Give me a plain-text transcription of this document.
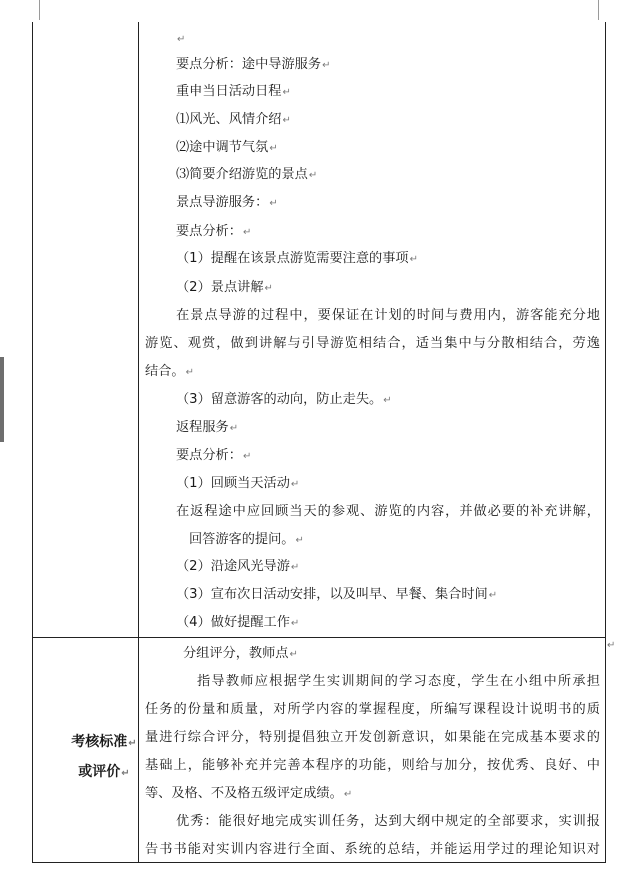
↵
要点分析：途中导游服务↵
重申当日活动日程↵
⑴风光、风情介绍↵
⑵途中调节气氛↵
⑶简要介绍游览的景点↵
景点导游服务：↵
要点分析：↵
（1）提醒在该景点游览需要注意的事项↵
（2）景点讲解↵
在景点导游的过程中，要保证在计划的时间与费用内，游客能充分地
游览、观赏，做到讲解与引导游览相结合，适当集中与分散相结合，劳逸
结合。↵
（3）留意游客的动向，防止走失。↵
返程服务↵
要点分析：↵
（1）回顾当天活动↵
在返程途中应回顾当天的参观、游览的内容，并做必要的补充讲解，
回答游客的提问。↵
（2）沿途风光导游↵
（3）宣布次日活动安排，以及叫早、早餐、集合时间↵
（4）做好提醒工作↵
分组评分，教师点↵
指导教师应根据学生实训期间的学习态度，学生在小组中所承担
任务的份量和质量，对所学内容的掌握程度，所编写课程设计说明书的质
量进行综合评分，特别提倡独立开发创新意识，如果能在完成基本要求的
基础上，能够补充并完善本程序的功能，则给与加分，按优秀、良好、中
等、及格、不及格五级评定成绩。↵
优秀：能很好地完成实训任务，达到大纲中规定的全部要求，实训报
告书书能对实训内容进行全面、系统的总结，并能运用学过的理论知识对
考核标准↵
或评价↵
↵
